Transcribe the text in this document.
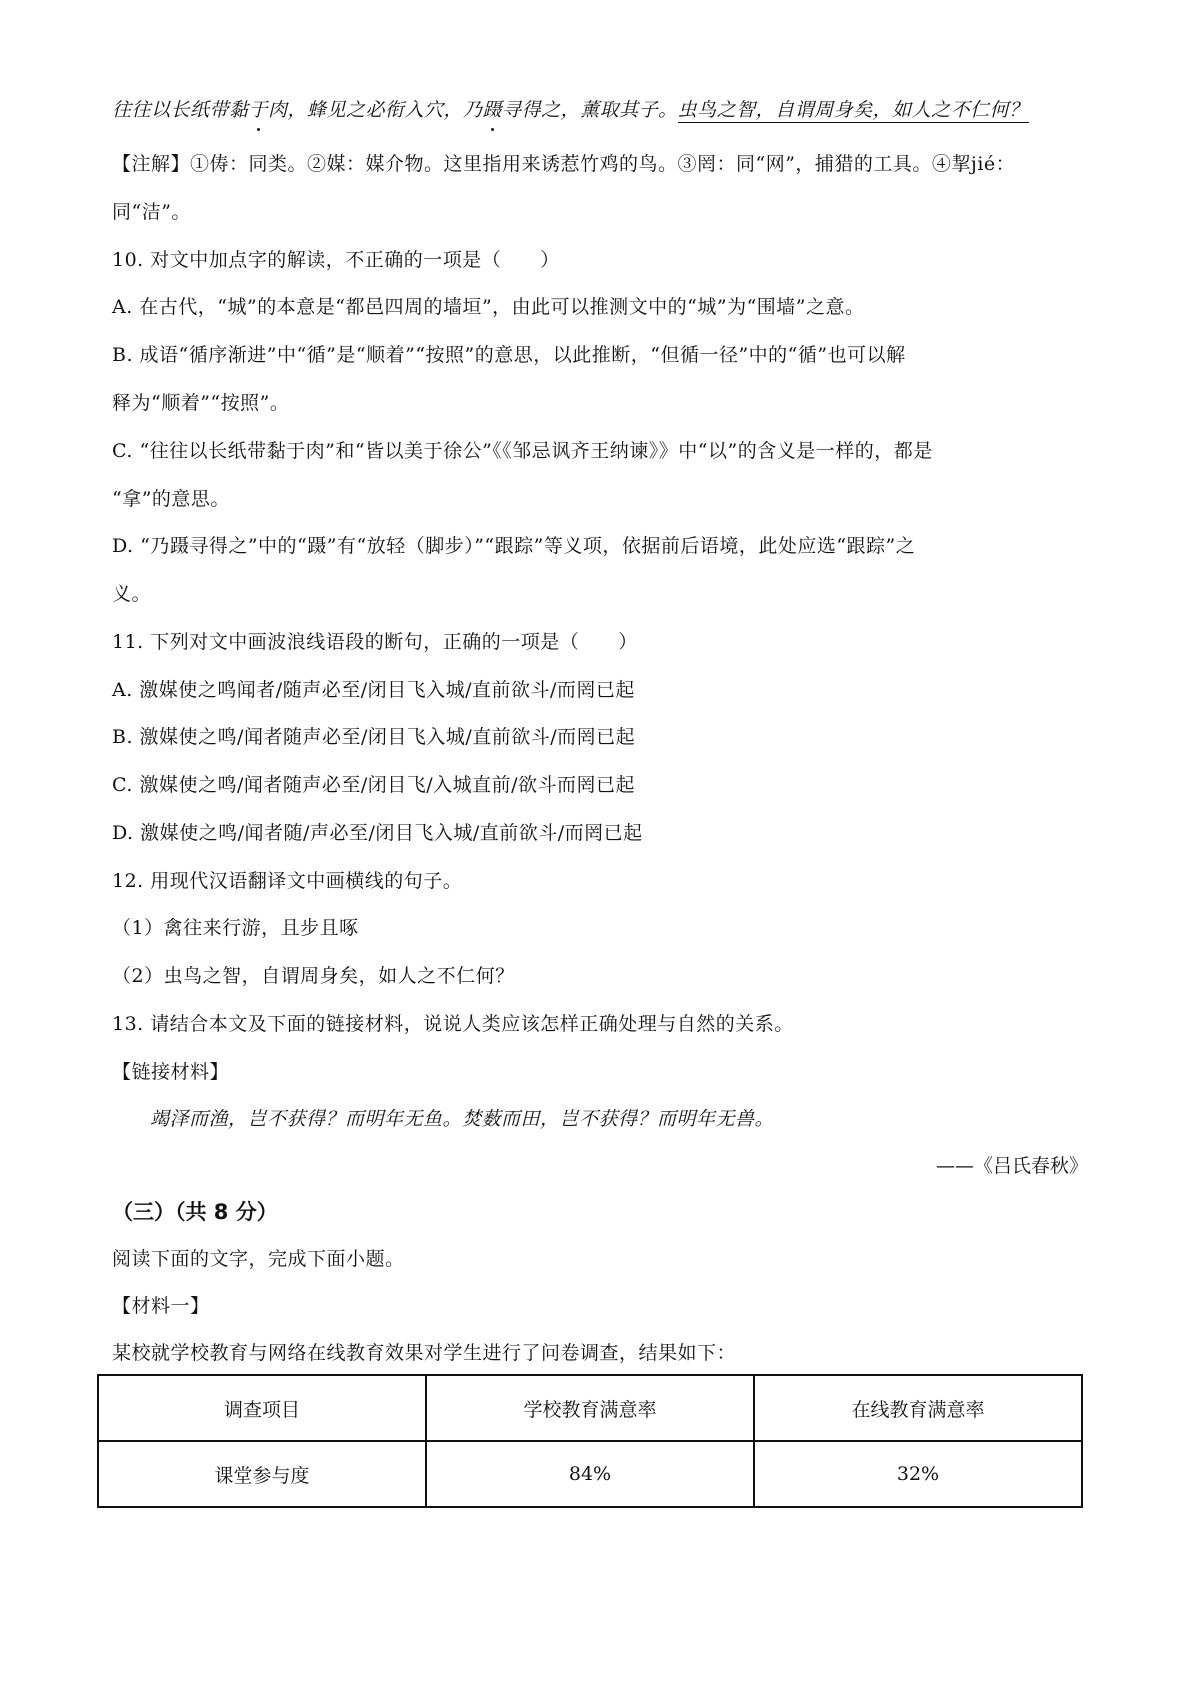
往往以长纸带黏于肉，蜂见之必衔入穴，乃蹑寻得之，薰取其子。虫鸟之智，自谓周身矣，如人之不仁何？
【注解】①俦：同类。②媒：媒介物。这里指用来诱惹竹鸡的鸟。③罔：同“网”，捕猎的工具。④挈jié：
同“洁”。
10. 对文中加点字的解读，不正确的一项是（　　）
A. 在古代，“城”的本意是“都邑四周的墙垣”，由此可以推测文中的“城”为“围墙”之意。
B. 成语“循序渐进”中“循”是“顺着”“按照”的意思，以此推断，“但循一径”中的“循”也可以解
释为“顺着”“按照”。
C. “往往以长纸带黏于肉”和“皆以美于徐公”《《邹忌讽齐王纳谏》》中“以”的含义是一样的，都是
“拿”的意思。
D. “乃蹑寻得之”中的“蹑”有“放轻（脚步）”“跟踪”等义项，依据前后语境，此处应选“跟踪”之
义。
11. 下列对文中画波浪线语段的断句，正确的一项是（　　）
A. 激媒使之鸣闻者/随声必至/闭目飞入城/直前欲斗/而罔已起
B. 激媒使之鸣/闻者随声必至/闭目飞入城/直前欲斗/而罔已起
C. 激媒使之鸣/闻者随声必至/闭目飞/入城直前/欲斗而罔已起
D. 激媒使之鸣/闻者随/声必至/闭目飞入城/直前欲斗/而罔已起
12. 用现代汉语翻译文中画横线的句子。
（1）禽往来行游，且步且啄
（2）虫鸟之智，自谓周身矣，如人之不仁何？
13. 请结合本文及下面的链接材料，说说人类应该怎样正确处理与自然的关系。
【链接材料】
竭泽而渔，岂不获得？而明年无鱼。焚薮而田，岂不获得？而明年无兽。
——《吕氏春秋》
（三）（共 8 分）
阅读下面的文字，完成下面小题。
【材料一】
某校就学校教育与网络在线教育效果对学生进行了问卷调查，结果如下：
调查项目	学校教育满意率	在线教育满意率
课堂参与度	84%	32%
